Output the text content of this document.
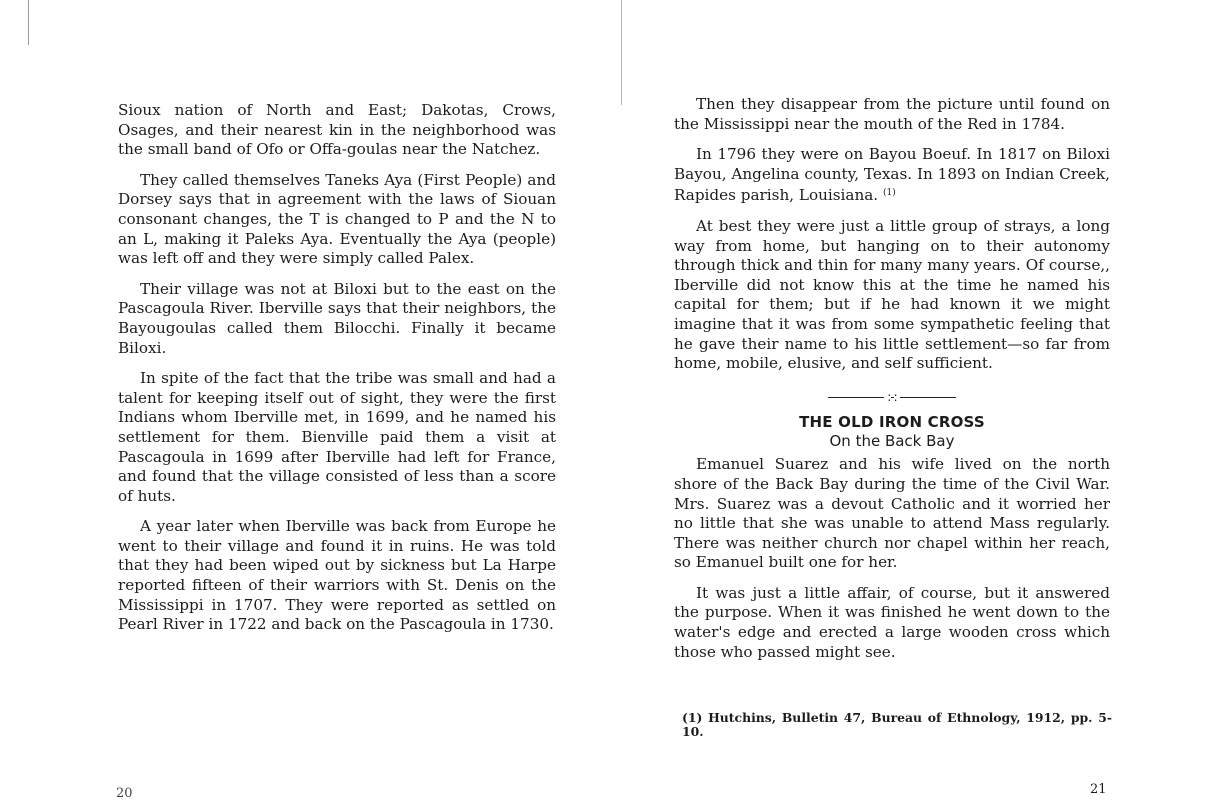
Sioux nation of North and East; Dakotas, Crows, Osages, and their nearest kin in the neighborhood was the small band of Ofo or Offa-goulas near the Natchez.

They called themselves Taneks Aya (First People) and Dorsey says that in agreement with the laws of Siouan consonant changes, the T is changed to P and the N to an L, making it Paleks Aya. Eventually the Aya (people) was left off and they were simply called Palex.

Their village was not at Biloxi but to the east on the Pascagoula River. Iberville says that their neighbors, the Bayougoulas called them Bilocchi. Finally it became Biloxi.

In spite of the fact that the tribe was small and had a talent for keeping itself out of sight, they were the first Indians whom Iberville met, in 1699, and he named his settlement for them. Bienville paid them a visit at Pascagoula in 1699 after Iberville had left for France, and found that the village consisted of less than a score of huts.

A year later when Iberville was back from Europe he went to their village and found it in ruins. He was told that they had been wiped out by sickness but La Harpe reported fifteen of their warriors with St. Denis on the Mississippi in 1707. They were reported as settled on Pearl River in 1722 and back on the Pascagoula in 1730.

20

Then they disappear from the picture until found on the Mississippi near the mouth of the Red in 1784.

In 1796 they were on Bayou Boeuf. In 1817 on Biloxi Bayou, Angelina county, Texas. In 1893 on Indian Creek, Rapides parish, Louisiana. $^{(1)}$

At best they were just a little group of strays, a long way from home, but hanging on to their autonomy through thick and thin for many many years. Of course,, Iberville did not know this at the time he named his capital for them; but if he had known it we might imagine that it was from some sympathetic feeling that he gave their name to his little settlement—so far from home, mobile, elusive, and self sufficient.

:-:
THE OLD IRON CROSS
On the Back Bay

Emanuel Suarez and his wife lived on the north shore of the Back Bay during the time of the Civil War. Mrs. Suarez was a devout Catholic and it worried her no little that she was unable to attend Mass regularly. There was neither church nor chapel within her reach, so Emanuel built one for her.

It was just a little affair, of course, but it answered the purpose. When it was finished he went down to the water's edge and erected a large wooden cross which those who passed might see.

(1) Hutchins, Bulletin 47, Bureau of Ethnology, 1912, pp. 5-10.
21
